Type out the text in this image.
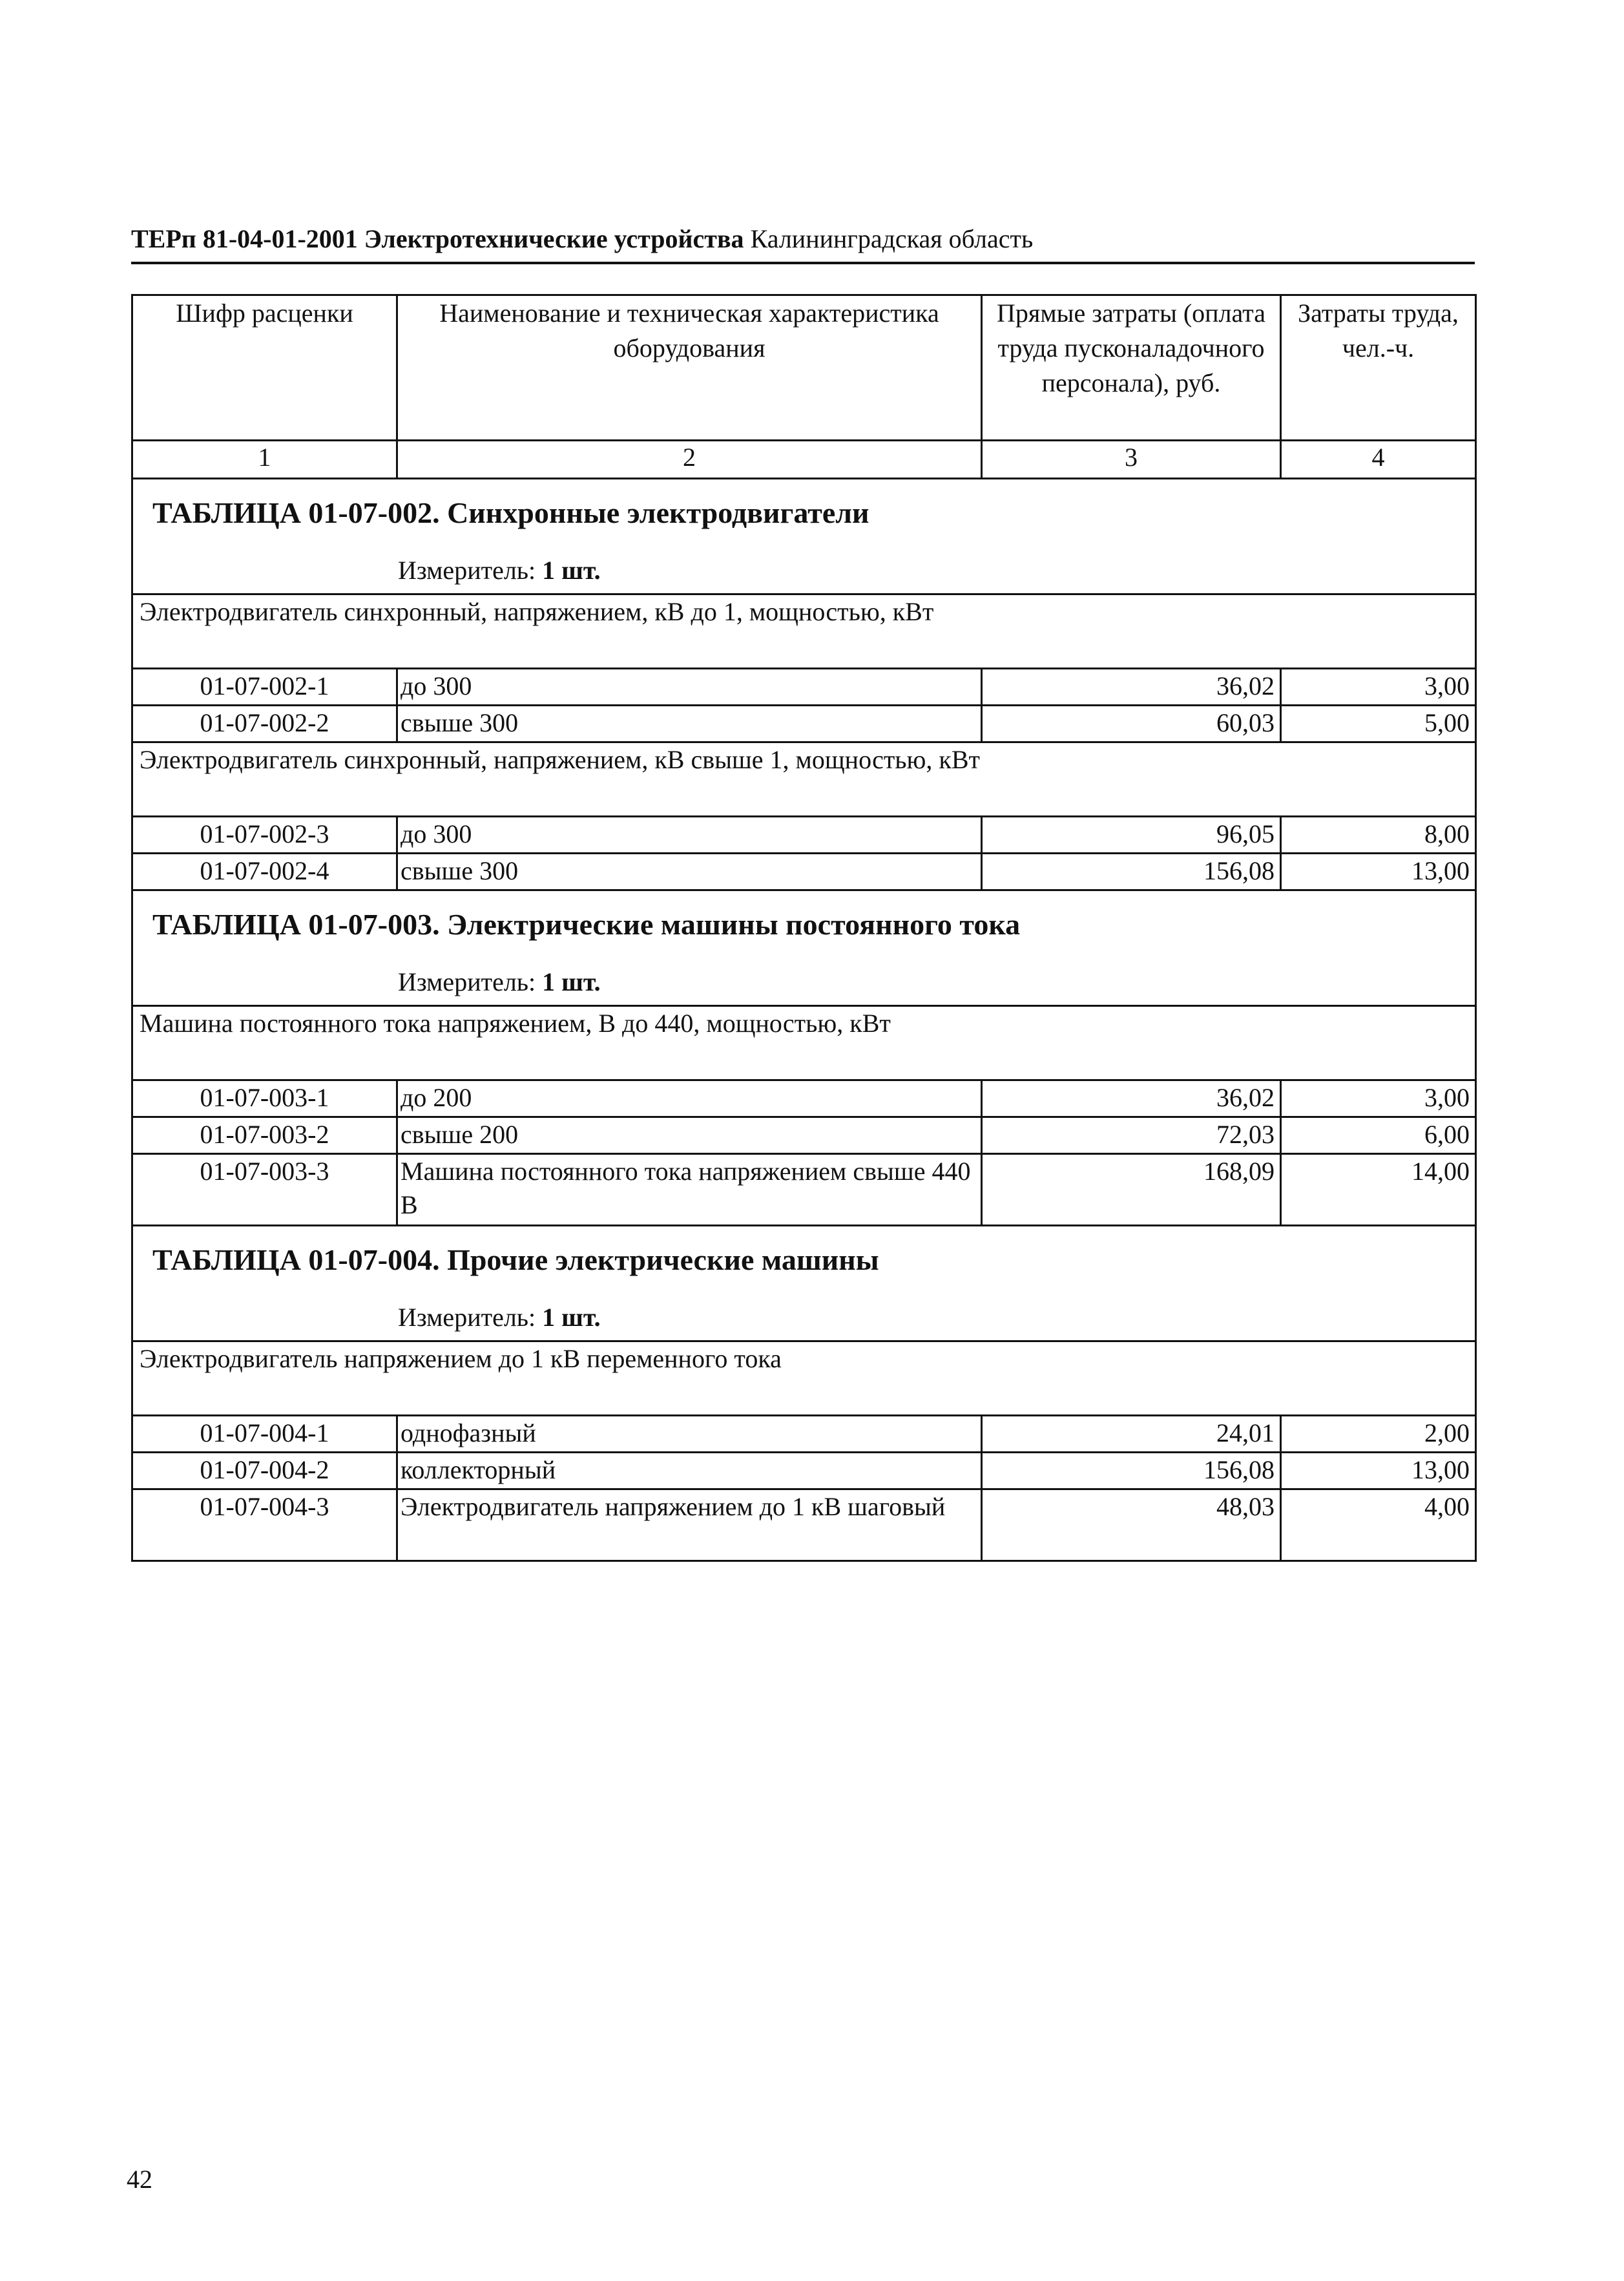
ТЕРп 81-04-01-2001 Электротехнические устройства Калининградская область
Шифр расценки	Наименование и техническая характеристика оборудования	Прямые затраты (оплата труда пусконаладочного персонала), руб.	Затраты труда, чел.-ч.
1	2	3	4

ТАБЛИЦА 01-07-002. Синхронные электродвигатели
Измеритель: 1 шт.			

Электродвигатель синхронный, напряжением, кВ до 1, мощностью, кВт			
01-07-002-1	до 300	36,02	3,00
01-07-002-2	свыше 300	60,03	5,00
Электродвигатель синхронный, напряжением, кВ свыше 1, мощностью, кВт			
01-07-002-3	до 300	96,05	8,00
01-07-002-4	свыше 300	156,08	13,00

ТАБЛИЦА 01-07-003. Электрические машины постоянного тока
Измеритель: 1 шт.			

Машина постоянного тока напряжением, В до 440, мощностью, кВт			
01-07-003-1	до 200	36,02	3,00
01-07-003-2	свыше 200	72,03	6,00
01-07-003-3	Машина постоянного тока напряжением свыше 440 В	168,09	14,00

ТАБЛИЦА 01-07-004. Прочие электрические машины
Измеритель: 1 шт.			

Электродвигатель напряжением до 1 кВ переменного тока			
01-07-004-1	однофазный	24,01	2,00
01-07-004-2	коллекторный	156,08	13,00
01-07-004-3	Электродвигатель напряжением до 1 кВ шаговый	48,03	4,00
42
